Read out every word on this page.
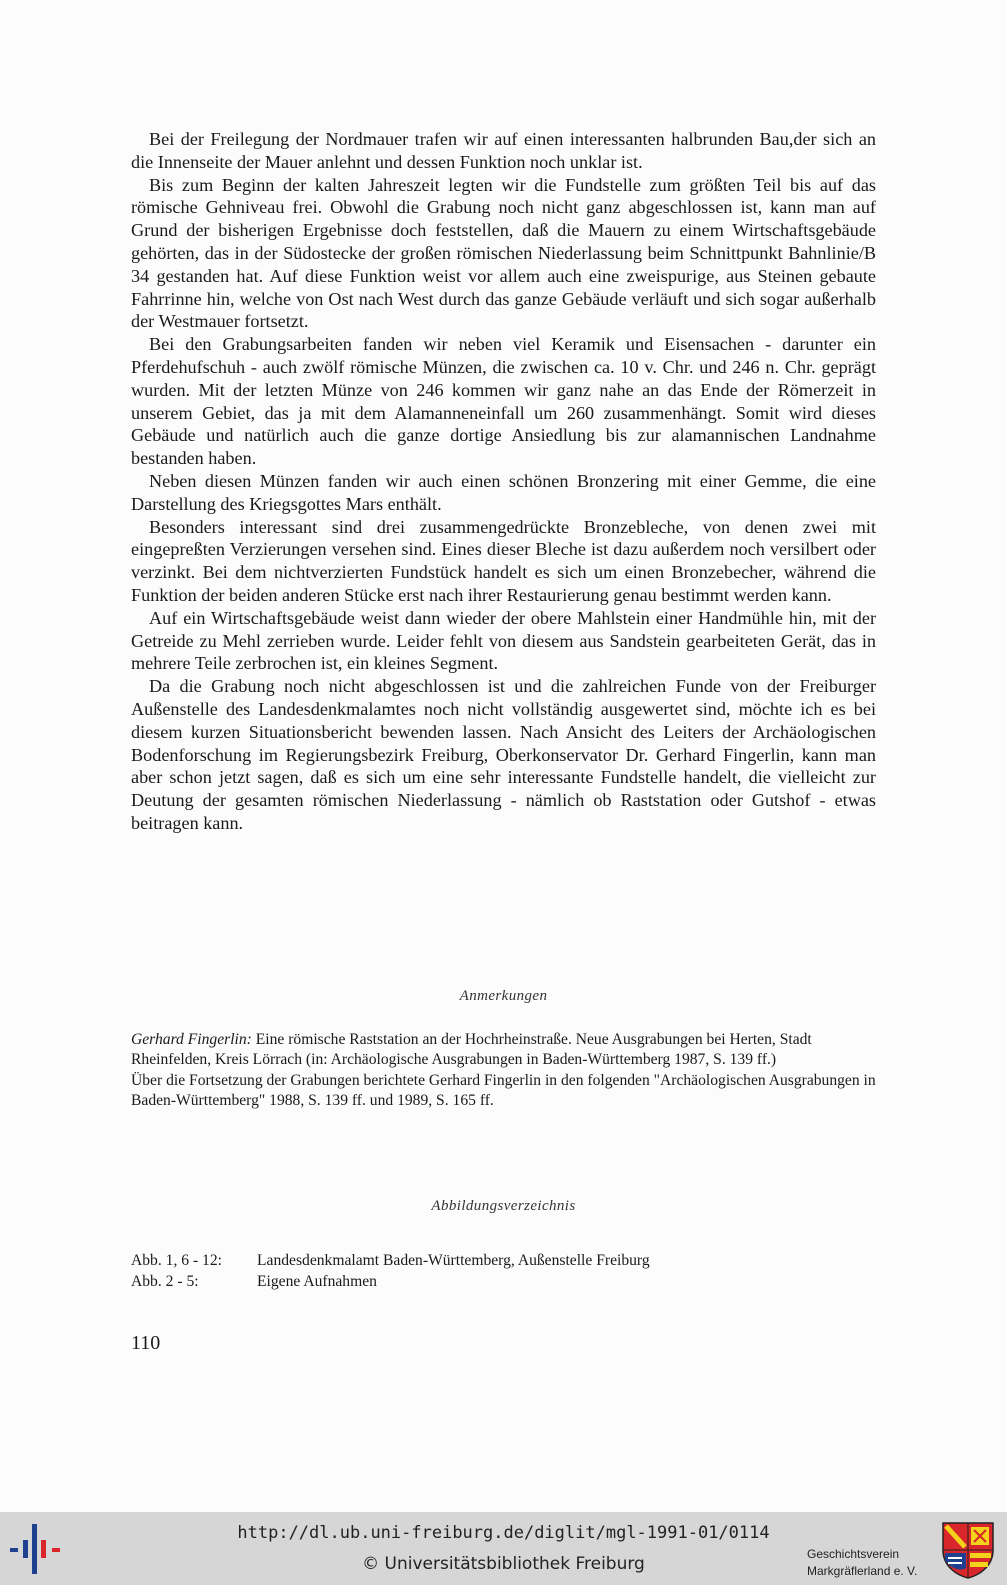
Bei der Freilegung der Nordmauer trafen wir auf einen interessanten halbrunden Bau,der sich an die Innenseite der Mauer anlehnt und dessen Funktion noch unklar ist.

Bis zum Beginn der kalten Jahreszeit legten wir die Fundstelle zum größten Teil bis auf das römische Gehniveau frei. Obwohl die Grabung noch nicht ganz abgeschlossen ist, kann man auf Grund der bisherigen Ergebnisse doch feststellen, daß die Mauern zu einem Wirtschaftsgebäude gehörten, das in der Südostecke der großen römischen Niederlassung beim Schnittpunkt Bahnlinie/B 34 gestanden hat. Auf diese Funktion weist vor allem auch eine zweispurige, aus Steinen gebaute Fahrrinne hin, welche von Ost nach West durch das ganze Gebäude verläuft und sich sogar außerhalb der Westmauer fortsetzt.

Bei den Grabungsarbeiten fanden wir neben viel Keramik und Eisensachen - darunter ein Pferdehufschuh - auch zwölf römische Münzen, die zwischen ca. 10 v. Chr. und 246 n. Chr. geprägt wurden. Mit der letzten Münze von 246 kommen wir ganz nahe an das Ende der Römerzeit in unserem Gebiet, das ja mit dem Alamanneneinfall um 260 zusammenhängt. Somit wird dieses Gebäude und natürlich auch die ganze dortige Ansiedlung bis zur alamannischen Landnahme bestanden haben.

Neben diesen Münzen fanden wir auch einen schönen Bronzering mit einer Gemme, die eine Darstellung des Kriegsgottes Mars enthält.

Besonders interessant sind drei zusammengedrückte Bronzebleche, von denen zwei mit eingepreßten Verzierungen versehen sind. Eines dieser Bleche ist dazu außerdem noch versilbert oder verzinkt. Bei dem nichtverzierten Fundstück handelt es sich um einen Bronzebecher, während die Funktion der beiden anderen Stücke erst nach ihrer Restaurierung genau bestimmt werden kann.

Auf ein Wirtschaftsgebäude weist dann wieder der obere Mahlstein einer Handmühle hin, mit der Getreide zu Mehl zerrieben wurde. Leider fehlt von diesem aus Sandstein gearbeiteten Gerät, das in mehrere Teile zerbrochen ist, ein kleines Segment.

Da die Grabung noch nicht abgeschlossen ist und die zahlreichen Funde von der Freiburger Außenstelle des Landesdenkmalamtes noch nicht vollständig ausgewertet sind, möchte ich es bei diesem kurzen Situationsbericht bewenden lassen. Nach Ansicht des Leiters der Archäologischen Bodenforschung im Regierungsbezirk Freiburg, Oberkonservator Dr. Gerhard Fingerlin, kann man aber schon jetzt sagen, daß es sich um eine sehr interessante Fundstelle handelt, die vielleicht zur Deutung der gesamten römischen Niederlassung - nämlich ob Raststation oder Gutshof - etwas beitragen kann.

Anmerkungen

Gerhard Fingerlin: Eine römische Raststation an der Hochrheinstraße. Neue Ausgrabungen bei Herten, Stadt Rheinfelden, Kreis Lörrach (in: Archäologische Ausgrabungen in Baden-Württemberg 1987, S. 139 ff.)

Über die Fortsetzung der Grabungen berichtete Gerhard Fingerlin in den folgenden "Archäologischen Ausgrabungen in Baden-Württemberg" 1988, S. 139 ff. und 1989, S. 165 ff.

Abbildungsverzeichnis
Abb. 1, 6 - 12:	Landesdenkmalamt Baden-Württemberg, Außenstelle Freiburg
Abb. 2 - 5:	Eigene Aufnahmen
110
http://dl.ub.uni-freiburg.de/diglit/mgl-1991-01/0114
© Universitätsbibliothek Freiburg	Geschichtsverein
Markgräflerland e. V.
